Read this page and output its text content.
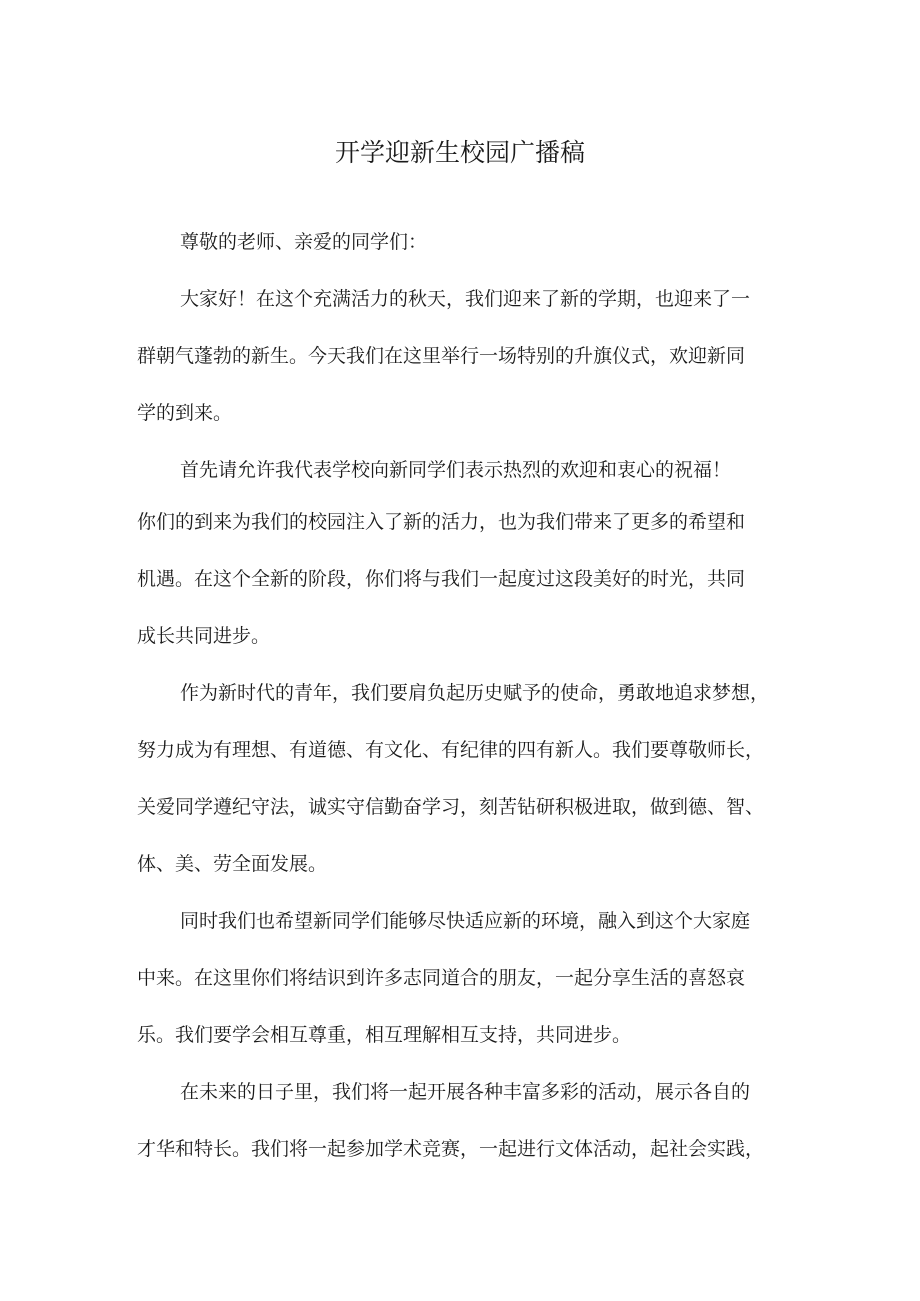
开学迎新生校园广播稿
尊敬的老师、亲爱的同学们：
大家好！在这个充满活力的秋天，我们迎来了新的学期，也迎来了一
群朝气蓬勃的新生。今天我们在这里举行一场特别的升旗仪式，欢迎新同
学的到来。
首先请允许我代表学校向新同学们表示热烈的欢迎和衷心的祝福！
你们的到来为我们的校园注入了新的活力，也为我们带来了更多的希望和
机遇。在这个全新的阶段，你们将与我们一起度过这段美好的时光，共同
成长共同进步。
作为新时代的青年，我们要肩负起历史赋予的使命，勇敢地追求梦想，
努力成为有理想、有道德、有文化、有纪律的四有新人。我们要尊敬师长，
关爱同学遵纪守法，诚实守信勤奋学习，刻苦钻研积极进取，做到德、智、
体、美、劳全面发展。
同时我们也希望新同学们能够尽快适应新的环境，融入到这个大家庭
中来。在这里你们将结识到许多志同道合的朋友，一起分享生活的喜怒哀
乐。我们要学会相互尊重，相互理解相互支持，共同进步。
在未来的日子里，我们将一起开展各种丰富多彩的活动，展示各自的
才华和特长。我们将一起参加学术竞赛，一起进行文体活动，起社会实践，
